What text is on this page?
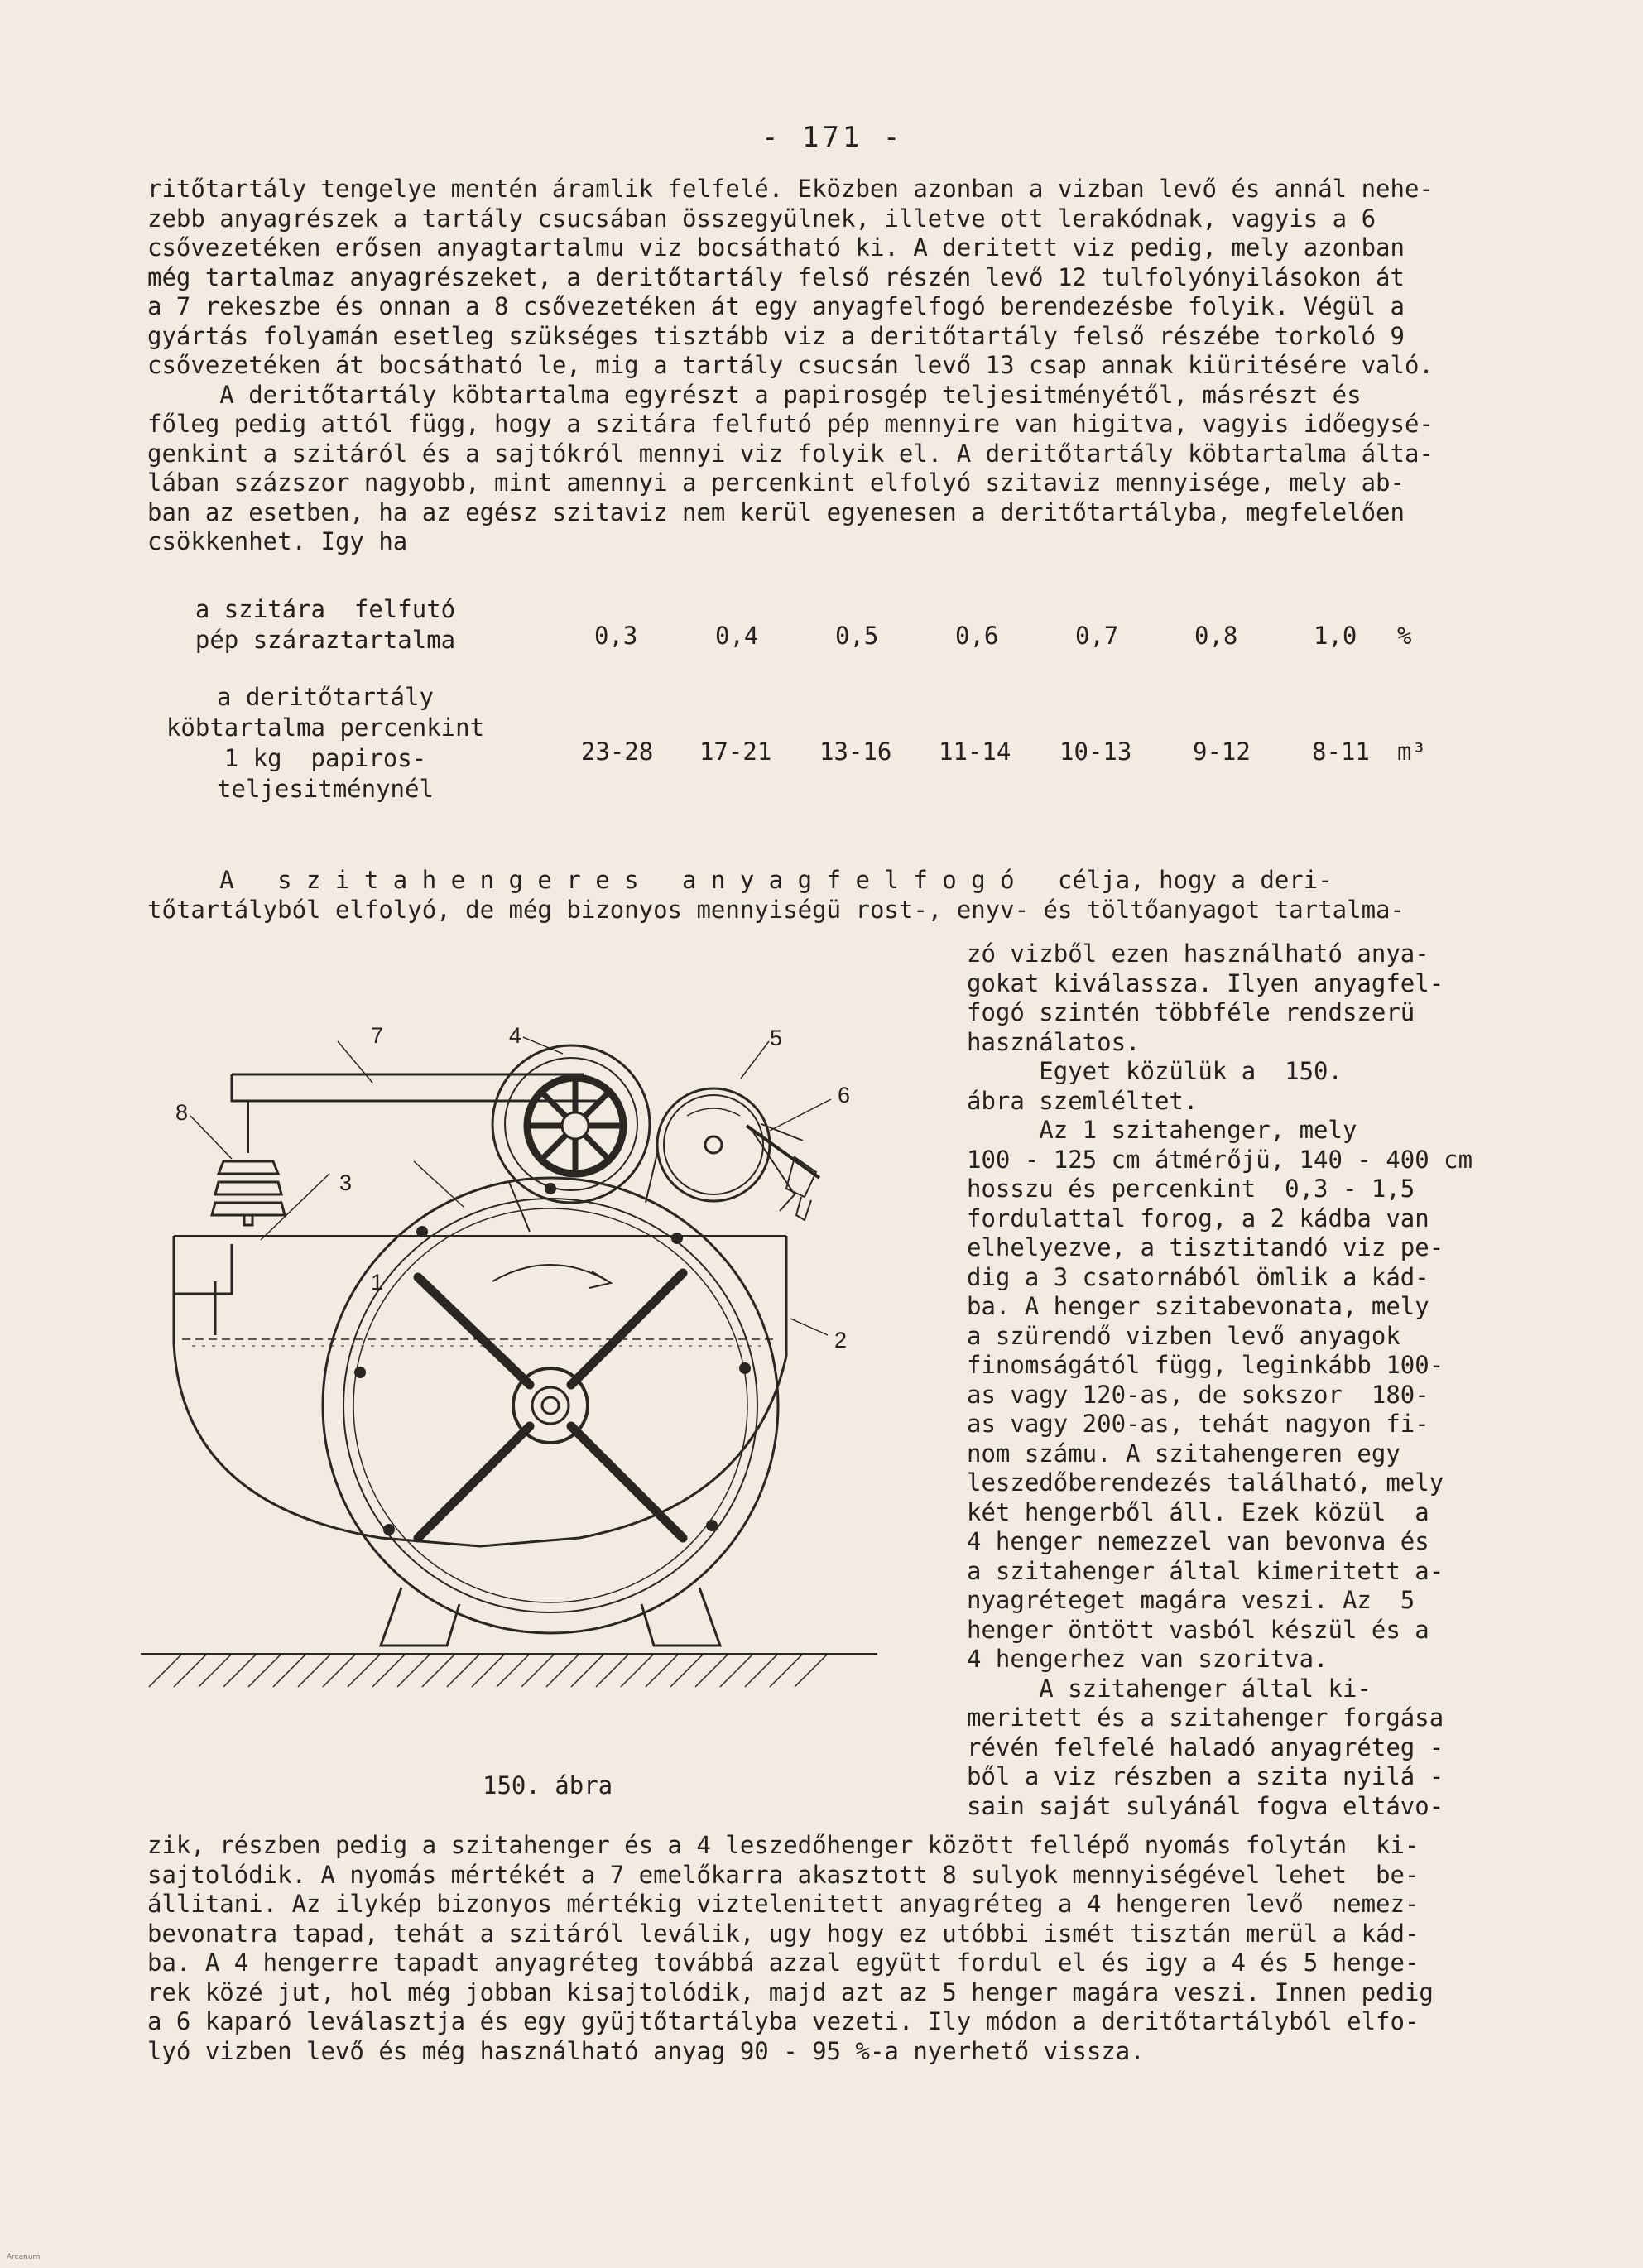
- 171 -
ritőtartály tengelye mentén áramlik felfelé. Eközben azonban a vizban levő és annál nehe-
zebb anyagrészek a tartály csucsában összegyülnek, illetve ott lerakódnak, vagyis a 6
csővezetéken erősen anyagtartalmu viz bocsátható ki. A deritett viz pedig, mely azonban
még tartalmaz anyagrészeket, a deritőtartály felső részén levő 12 tulfolyónyilásokon át
a 7 rekeszbe és onnan a 8 csővezetéken át egy anyagfelfogó berendezésbe folyik. Végül a
gyártás folyamán esetleg szükséges tisztább viz a deritőtartály felső részébe torkoló 9
csővezetéken át bocsátható le, mig a tartály csucsán levő 13 csap annak kiüritésére való.
A deritőtartály köbtartalma egyrészt a papirosgép teljesitményétől, másrészt és
főleg pedig attól függ, hogy a szitára felfutó pép mennyire van higitva, vagyis időegysé-
genkint a szitáról és a sajtókról mennyi viz folyik el. A deritőtartály köbtartalma álta-
lában százszor nagyobb, mint amennyi a percenkint elfolyó szitaviz mennyisége, mely ab-
ban az esetben, ha az egész szitaviz nem kerül egyenesen a deritőtartályba, megfelelően
csökkenhet. Igy ha
a szitára  felfutó
pép száraztartalma	0,3	0,4	0,5	0,6	0,7	0,8	1,0 %
a deritőtartály
köbtartalma percenkint
1 kg  papiros-
teljesitménynél
23-28 17-21 13-16 11-14 10-13	9-12	8-11 m³
A   s z i t a h e n g e r e s   a n y a g f e l f o g ó   célja, hogy a deri-
tőtartályból elfolyó, de még bizonyos mennyiségü rost-, enyv- és töltőanyagot tartalma-
zó vizből ezen használható anya-
gokat kiválassza. Ilyen anyagfel-
fogó szintén többféle rendszerü
használatos.
Egyet közülük a  150.
ábra szemléltet.
Az 1 szitahenger, mely
100 - 125 cm átmérőjü, 140 - 400 cm
hosszu és percenkint  0,3 - 1,5
fordulattal forog, a 2 kádba van
elhelyezve, a tisztitandó viz pe-
dig a 3 csatornából ömlik a kád-
ba. A henger szitabevonata, mely
a szürendő vizben levő anyagok
finomságától függ, leginkább 100-
as vagy 120-as, de sokszor  180-
as vagy 200-as, tehát nagyon fi-
nom számu. A szitahengeren egy
leszedőberendezés található, mely
két hengerből áll. Ezek közül  a
4 henger nemezzel van bevonva és
a szitahenger által kimeritett a-
nyagréteget magára veszi. Az  5
henger öntött vasból készül és a
4 hengerhez van szoritva.
A szitahenger által ki-
meritett és a szitahenger forgása
révén felfelé haladó anyagréteg -
ből a viz részben a szita nyilá -
sain saját sulyánál fogva eltávo-
zik, részben pedig a szitahenger és a 4 leszedőhenger között fellépő nyomás folytán  ki-
sajtolódik. A nyomás mértékét a 7 emelőkarra akasztott 8 sulyok mennyiségével lehet  be-
állitani. Az ilykép bizonyos mértékig viztelenitett anyagréteg a 4 hengeren levő  nemez-
bevonatra tapad, tehát a szitáról leválik, ugy hogy ez utóbbi ismét tisztán merül a kád-
ba. A 4 hengerre tapadt anyagréteg továbbá azzal együtt fordul el és igy a 4 és 5 henge-
rek közé jut, hol még jobban kisajtolódik, majd azt az 5 henger magára veszi. Innen pedig
a 6 kaparó leválasztja és egy gyüjtőtartályba vezeti. Ily módon a deritőtartályból elfo-
lyó vizben levő és még használható anyag 90 - 95 %-a nyerhető vissza.
1
2
3
4	5
6
7
8
150. ábra
Arcanum
